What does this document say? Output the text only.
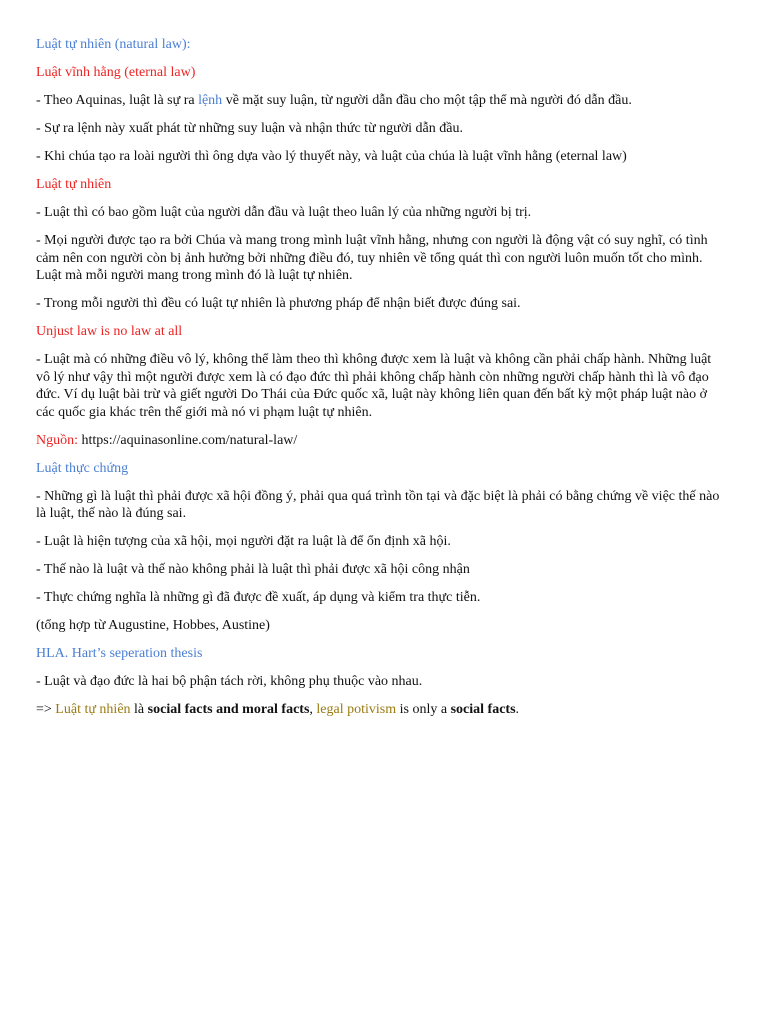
Luật tự nhiên (natural law):

Luật vĩnh hằng (eternal law)

- Theo Aquinas, luật là sự ra lệnh về mặt suy luận, từ người dẫn đầu cho một tập thể mà người đó dẫn đầu.

- Sự ra lệnh này xuất phát từ những suy luận và nhận thức từ người dẫn đầu.

- Khi chúa tạo ra loài người thì ông dựa vào lý thuyết này, và luật của chúa là luật vĩnh hằng (eternal law)

Luật tự nhiên

- Luật thì có bao gồm luật của người dẫn đầu và luật theo luân lý của những người bị trị.

- Mọi người được tạo ra bởi Chúa và mang trong mình luật vĩnh hằng, nhưng con người là động vật có suy nghĩ, có tình cảm nên con người còn bị ảnh hưởng bởi những điều đó, tuy nhiên về tổng quát thì con người luôn muốn tốt cho mình. Luật mà mỗi người mang trong mình đó là luật tự nhiên.

- Trong mỗi người thì đều có luật tự nhiên là phương pháp để nhận biết được đúng sai.

Unjust law is no law at all

- Luật mà có những điều vô lý, không thể làm theo thì không được xem là luật và không cần phải chấp hành. Những luật vô lý như vậy thì một người được xem là có đạo đức thì phải không chấp hành còn những người chấp hành thì là vô đạo đức. Ví dụ luật bài trừ và giết người Do Thái của Đức quốc xã, luật này không liên quan đến bất kỳ một pháp luật nào ở các quốc gia khác trên thế giới mà nó vi phạm luật tự nhiên.

Nguồn: https://aquinasonline.com/natural-law/

Luật thực chứng

- Những gì là luật thì phải được xã hội đồng ý, phải qua quá trình tồn tại và đặc biệt là phải có bằng chứng về việc thế nào là luật, thế nào là đúng sai.

- Luật là hiện tượng của xã hội, mọi người đặt ra luật là để ổn định xã hội.

- Thế nào là luật và thế nào không phải là luật thì phải được xã hội công nhận

- Thực chứng nghĩa là những gì đã được đề xuất, áp dụng và kiểm tra thực tiễn.

(tổng hợp từ Augustine, Hobbes, Austine)

HLA. Hart’s seperation thesis

- Luật và đạo đức là hai bộ phận tách rời, không phụ thuộc vào nhau.

=> Luật tự nhiên là social facts and moral facts, legal potivism is only a social facts.
